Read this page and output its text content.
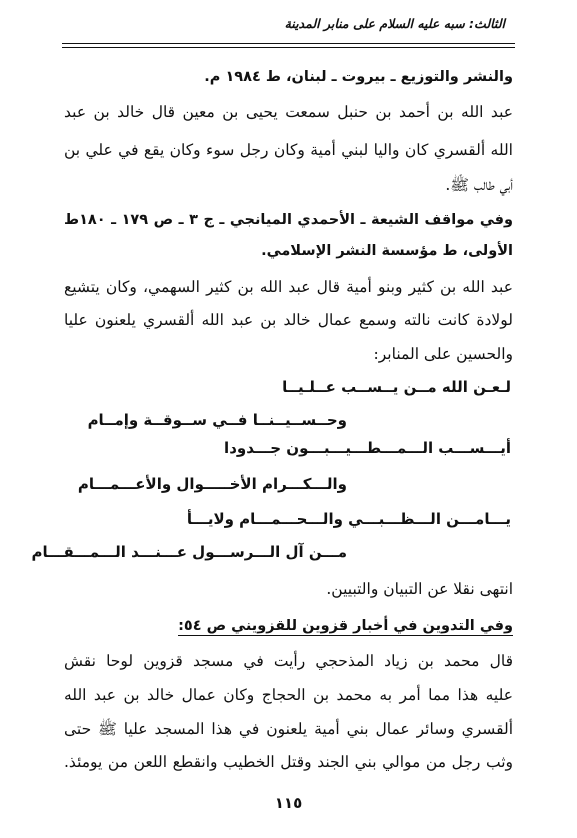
الثالث: سبه عليه السلام على منابر المدينة
والنشر والتوزيع ـ بيروت ـ لبنان، ط ١٩٨٤ م.
عبد الله بن أحمد بن حنبل سمعت يحيى بن معين قال خالد بن عبد
الله ألقسري كان واليا لبني أمية وكان رجل سوء وكان يقع في علي بن
أبي طالب ﷺ.
وفي مواقف الشيعة ـ الأحمدي الميانجي ـ ج ٣ ـ ص ١٧٩ ـ ١٨٠ط
الأولى، ط مؤسسة النشر الإسلامي.
عبد الله بن كثير وبنو أمية قال عبد الله بن كثير السهمي، وكان يتشيع
لولادة كانت نالته وسمع عمال خالد بن عبد الله ألقسري يلعنون عليا
والحسين على المنابر:
لـعـن الله مــن يــســب عــلـيــا
وحــســيــنــا فــي ســوقــة وإمــام
أيـــســـب الـــمـــطـــيـــبـــون جـــدودا
والـــكـــرام الأخـــــوال والأعـــمـــام
يـــامـــن الـــظـــبـــي والـــحـــمـــام ولايـــأ
مـــن آل الـــرســـول عـــنـــد الـــمـــقـــام
انتهى نقلا عن التبيان والتبيين.
وفي التدوين في أخبار قزوين للقزويني ص ٥٤:
قال محمد بن زياد المذحجي رأيت في مسجد قزوين لوحا نقش
عليه هذا مما أمر به محمد بن الحجاج وكان عمال خالد بن عبد الله
ألقسري وسائر عمال بني أمية يلعنون في هذا المسجد عليا ﷺ حتى
وثب رجل من موالي بني الجند وقتل الخطيب وانقطع اللعن من يومئذ.
١١٥
